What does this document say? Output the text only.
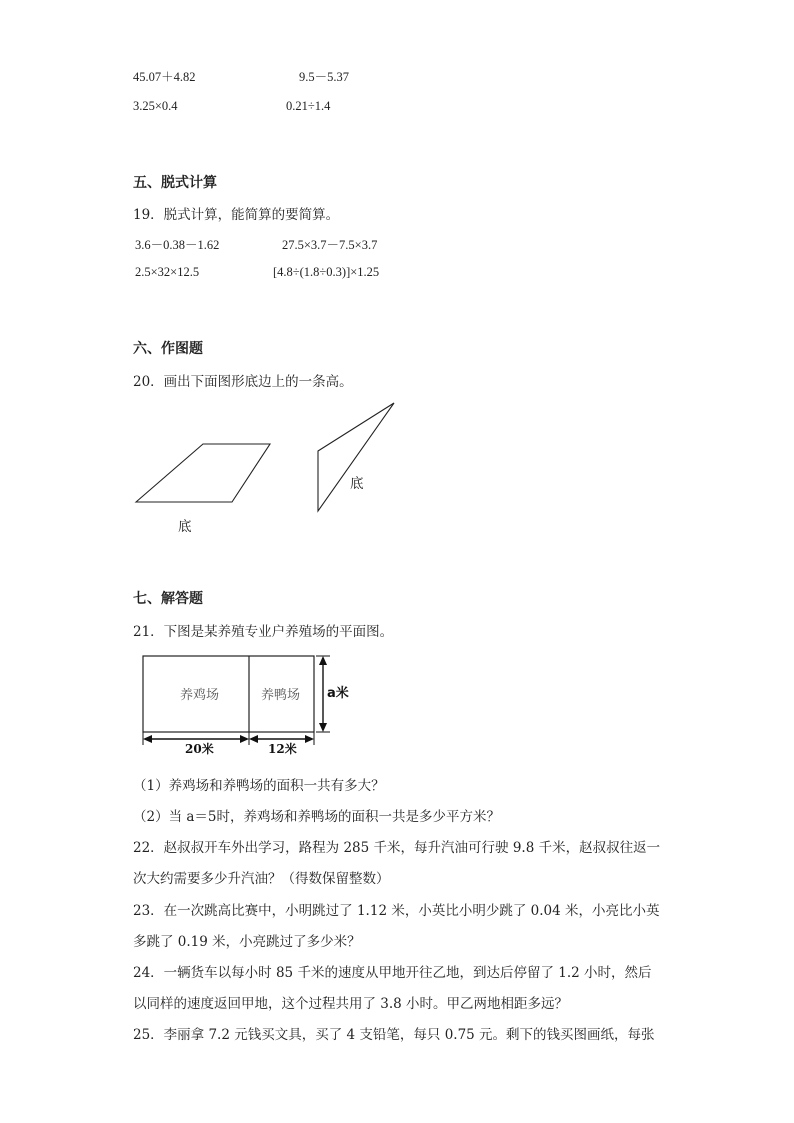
45.07＋4.82	9.5－5.37
3.25×0.4	0.21÷1.4
五、脱式计算
19．脱式计算，能简算的要简算。
3.6－0.38－1.62	27.5×3.7－7.5×3.7
2.5×32×12.5	[4.8÷(1.8÷0.3)]×1.25
六、作图题
20．画出下面图形底边上的一条高。
底
底
七、解答题
21．下图是某养殖专业户养殖场的平面图。
养鸡场	养鸭场 a米
20米	12米
（1）养鸡场和养鸭场的面积一共有多大？
（2）当 a＝5时，养鸡场和养鸭场的面积一共是多少平方米？
22．赵叔叔开车外出学习，路程为 285 千米，每升汽油可行驶 9.8 千米，赵叔叔往返一
次大约需要多少升汽油？（得数保留整数）
23．在一次跳高比赛中，小明跳过了 1.12 米，小英比小明少跳了 0.04 米，小亮比小英
多跳了 0.19 米，小亮跳过了多少米？
24．一辆货车以每小时 85 千米的速度从甲地开往乙地，到达后停留了 1.2 小时，然后
以同样的速度返回甲地，这个过程共用了 3.8 小时。甲乙两地相距多远？
25．李丽拿 7.2 元钱买文具，买了 4 支铅笔，每只 0.75 元。剩下的钱买图画纸，每张
